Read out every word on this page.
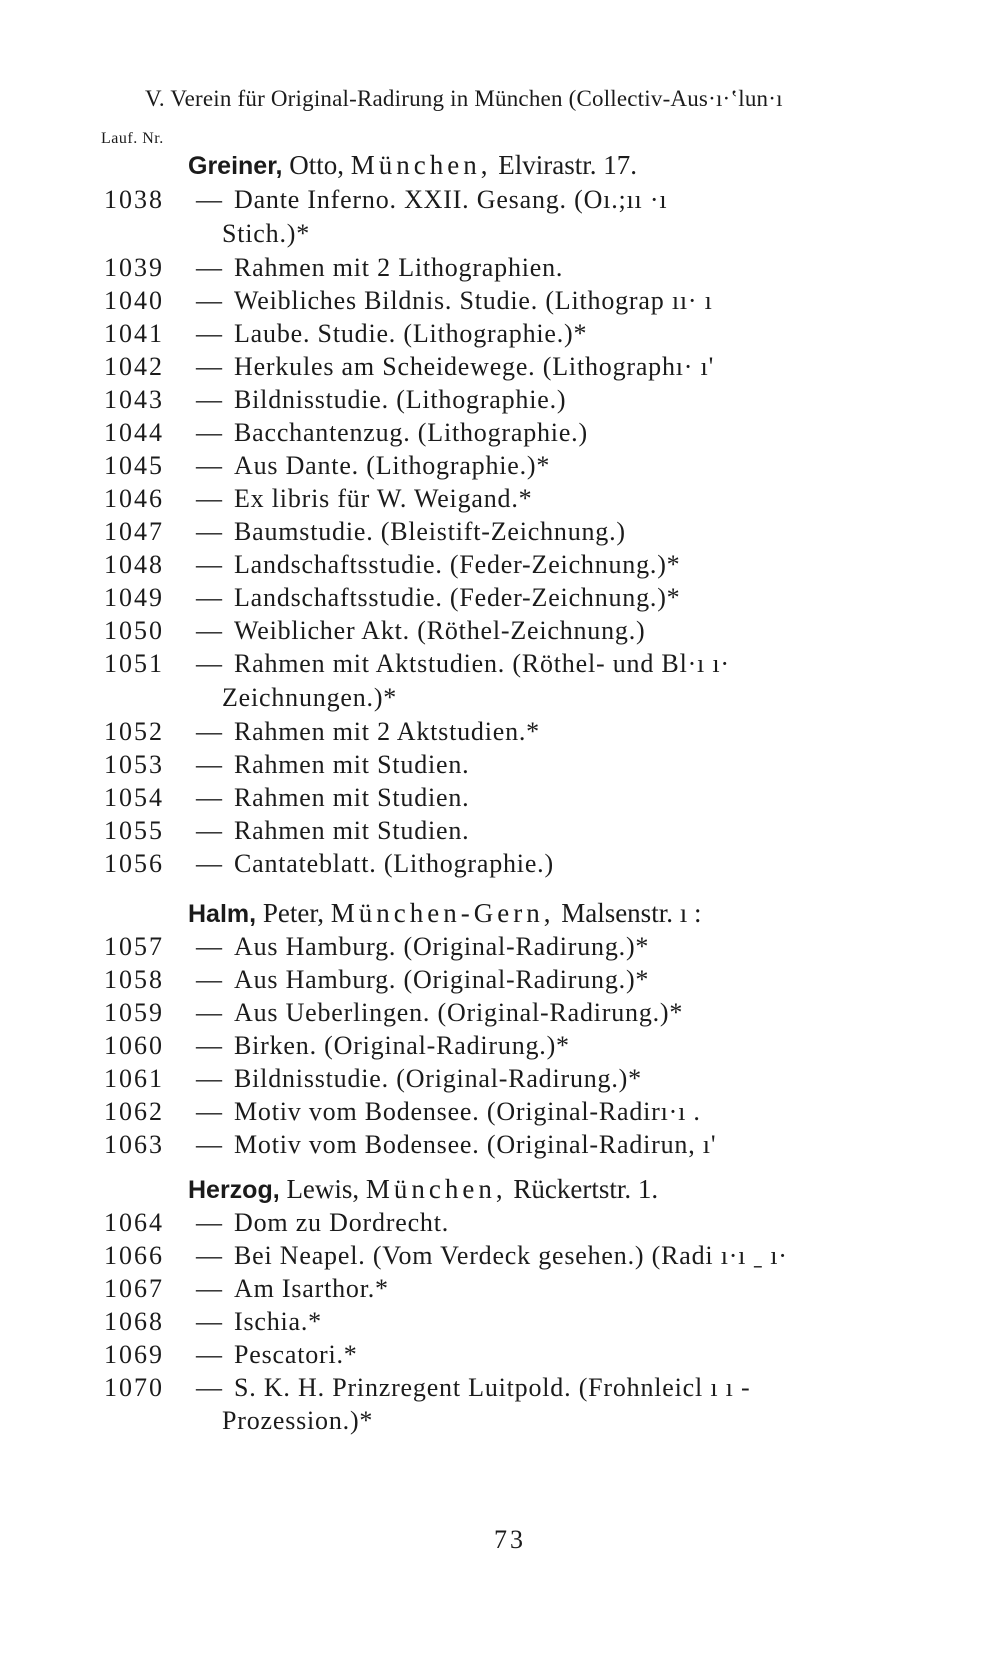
V. Verein für Original-Radirung in München (Collectiv-Aus·ı·‛lun·ı
Lauf. Nr.
Greiner, Otto, München, Elvirastr. 17.
1038 — Dante Inferno. XXII. Gesang. (Oı.;ıı ·ı
Stich.)*
1039 — Rahmen mit 2 Lithographien.
1040 — Weibliches Bildnis. Studie. (Lithograp ıı· ı
1041 — Laube. Studie. (Lithographie.)*
1042 — Herkules am Scheidewege. (Lithographı· ı'
1043 — Bildnisstudie. (Lithographie.)
1044 — Bacchantenzug. (Lithographie.)
1045 — Aus Dante. (Lithographie.)*
1046 — Ex libris für W. Weigand.*
1047 — Baumstudie. (Bleistift-Zeichnung.)
1048 — Landschaftsstudie. (Feder-Zeichnung.)*
1049 — Landschaftsstudie. (Feder-Zeichnung.)*
1050 — Weiblicher Akt. (Röthel-Zeichnung.)
1051 — Rahmen mit Aktstudien. (Röthel- und Bl·ı ı·
Zeichnungen.)*
1052 — Rahmen mit 2 Aktstudien.*
1053 — Rahmen mit Studien.
1054 — Rahmen mit Studien.
1055 — Rahmen mit Studien.
1056 — Cantateblatt. (Lithographie.)
Halm, Peter, München-Gern, Malsenstr. ı :
1057 — Aus Hamburg. (Original-Radirung.)*
1058 — Aus Hamburg. (Original-Radirung.)*
1059 — Aus Ueberlingen. (Original-Radirung.)*
1060 — Birken. (Original-Radirung.)*
1061 — Bildnisstudie. (Original-Radirung.)*
1062 — Motiv vom Bodensee. (Original-Radirı·ı .
1063 — Motiv vom Bodensee. (Original-Radirun, ı'
Herzog, Lewis, München, Rückertstr. 1.
1064 — Dom zu Dordrecht.
1066 — Bei Neapel. (Vom Verdeck gesehen.) (Radi ı·ı ˍ ı·
1067 — Am Isarthor.*
1068 — Ischia.*
1069 — Pescatori.*
1070 — S. K. H. Prinzregent Luitpold. (Frohnleicl ı ı -
Prozession.)*
73
